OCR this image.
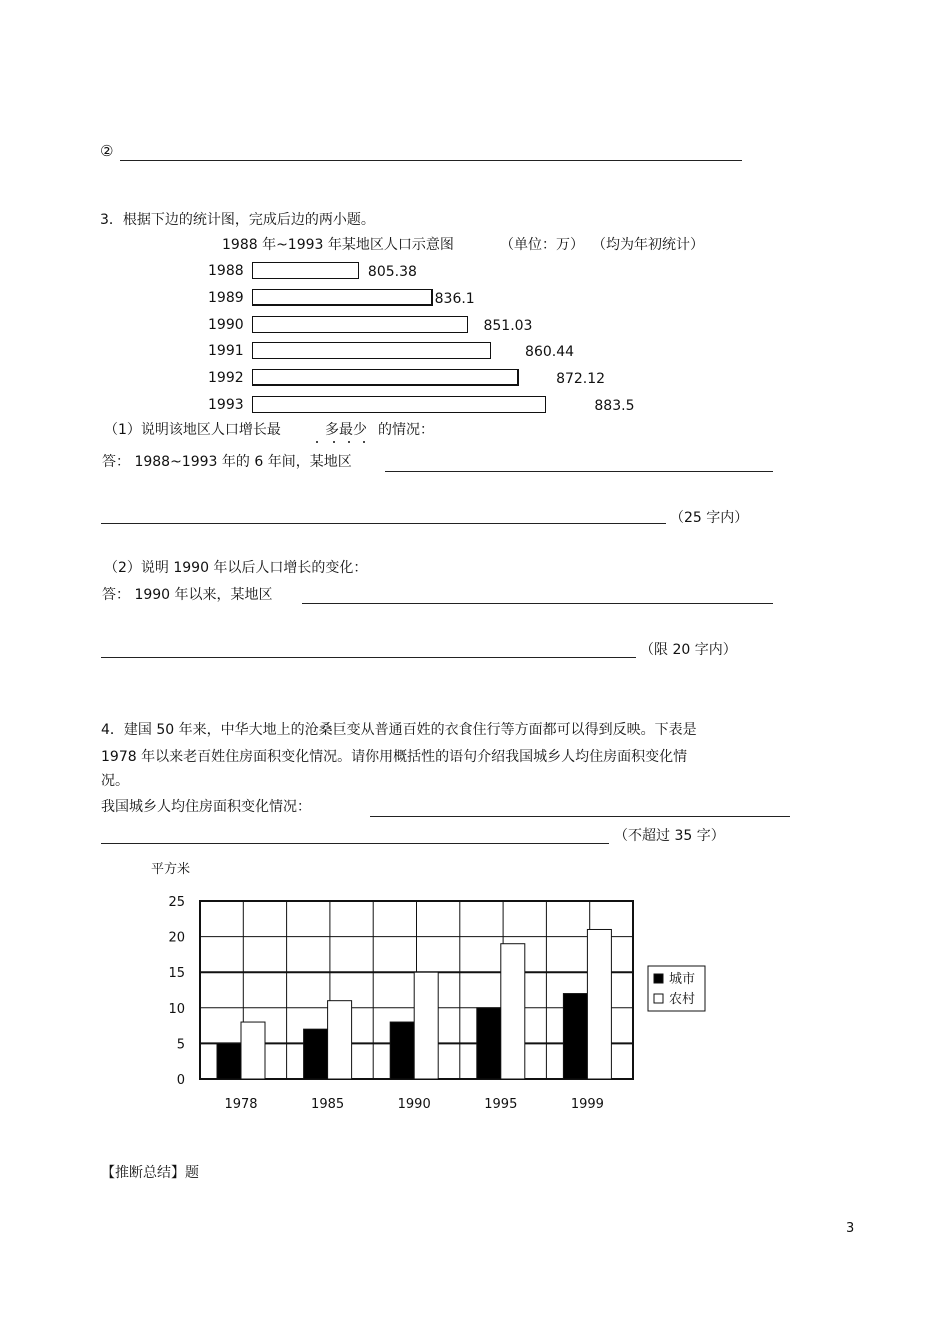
②
3．根据下边的统计图，完成后边的两小题。
1988 年~1993 年某地区人口示意图	（单位：万） （均为年初统计）
1988	805.38
1989	836.1
1990	851.03
1991	860.44
1992	872.12
1993	883.5
（1）说明该地区人口增长最	多最少 的情况：
答： 1988~1993 年的 6 年间，某地区
（25 字内）
（2）说明 1990 年以后人口增长的变化：
答： 1990 年以来，某地区
（限 20 字内）
4．建国 50 年来，中华大地上的沧桑巨变从普通百姓的衣食住行等方面都可以得到反映。下表是
1978 年以来老百姓住房面积变化情况。请你用概括性的语句介绍我国城乡人均住房面积变化情
况。
我国城乡人均住房面积变化情况：
（不超过 35 字）
平方米
0
5
10
15
20
25
1978	1985	1990	1995	1999
城市
农村
【推断总结】题
3
